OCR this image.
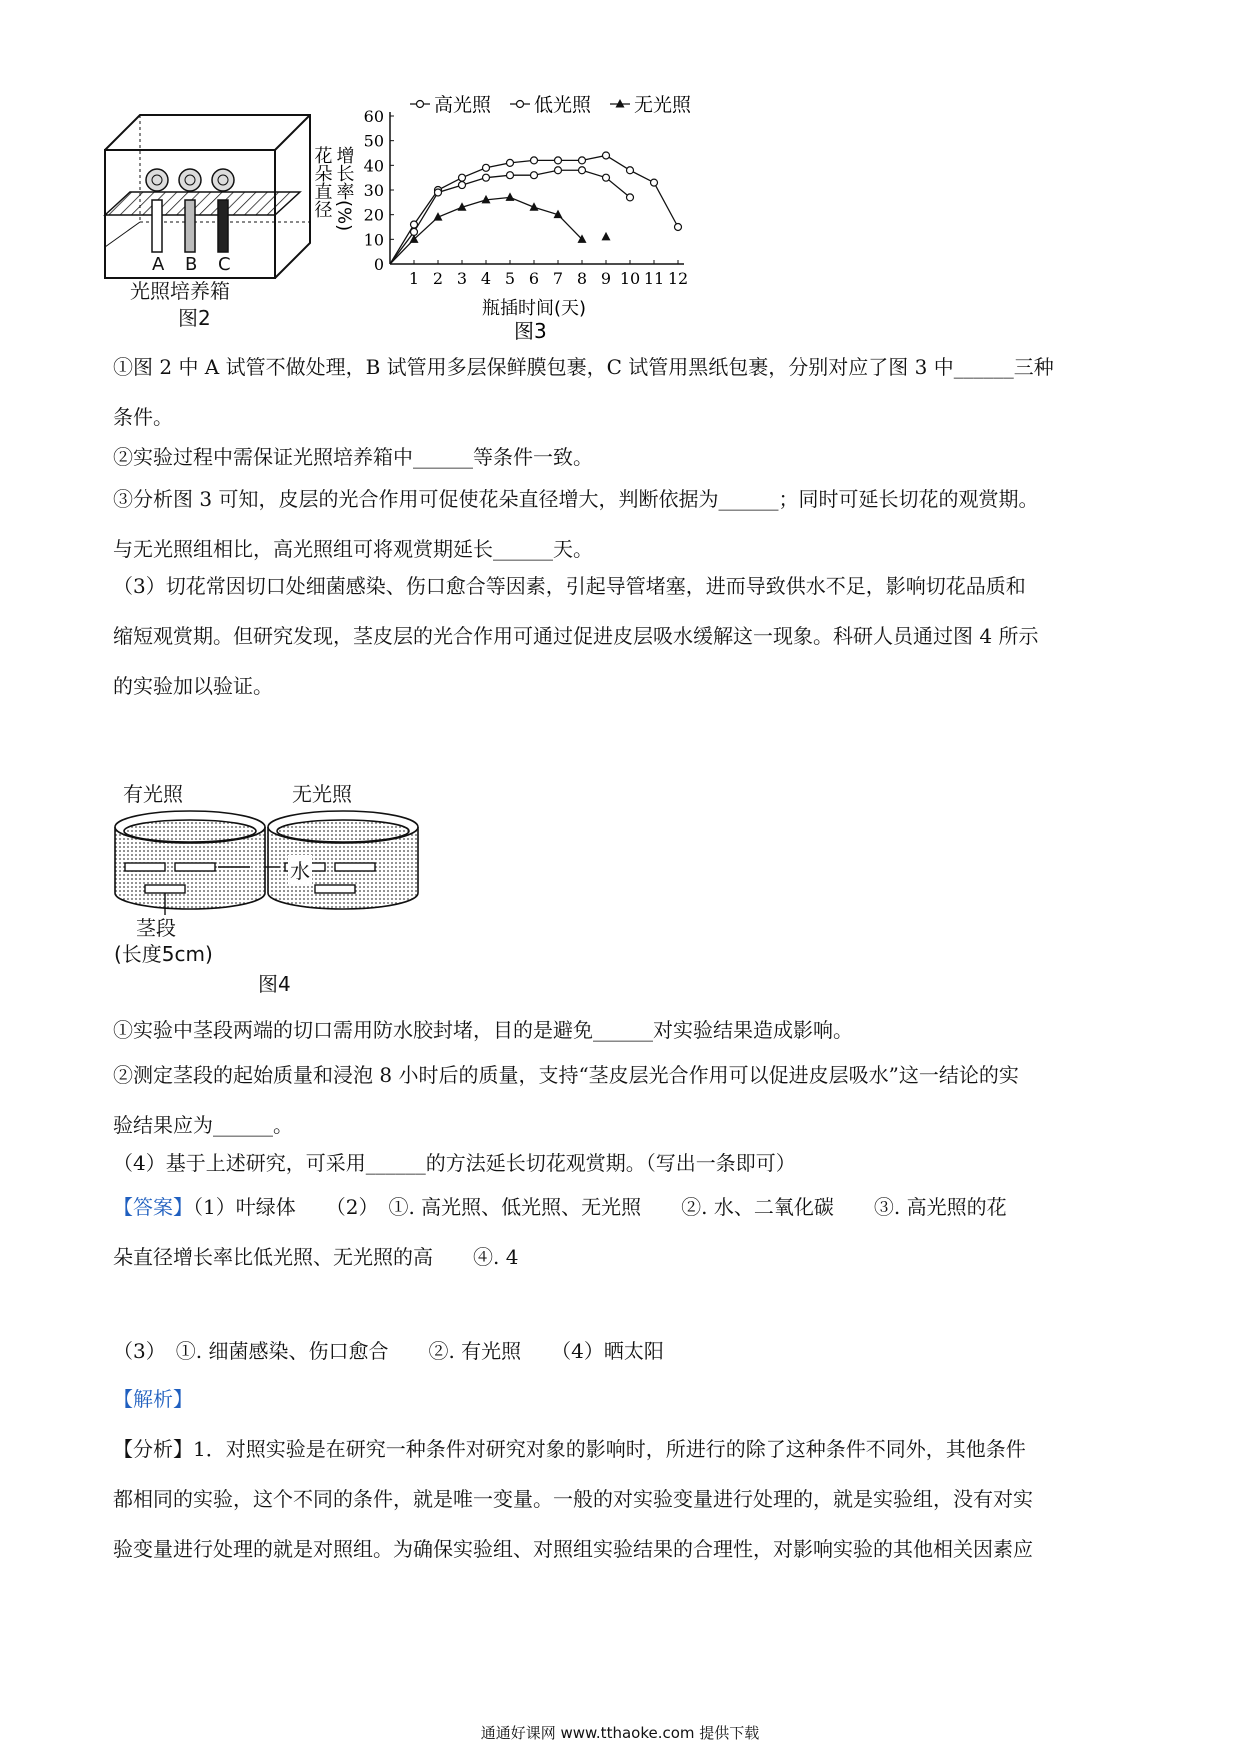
A B C
光照培养箱
图2
高光照 低光照 无光照
1 2 3 4 5 6 7 8 9 10 11 12
0
10
20
30
40
50
60
花朵直径 增长率(%)
瓶插时间(天)
图3
①图 2 中 A 试管不做处理，B 试管用多层保鲜膜包裹，C 试管用黑纸包裹，分别对应了图 3 中______三种
条件。
②实验过程中需保证光照培养箱中______等条件一致。
③分析图 3 可知，皮层的光合作用可促使花朵直径增大，判断依据为______；同时可延长切花的观赏期。
与无光照组相比，高光照组可将观赏期延长______天。
（3）切花常因切口处细菌感染、伤口愈合等因素，引起导管堵塞，进而导致供水不足，影响切花品质和
缩短观赏期。但研究发现，茎皮层的光合作用可通过促进皮层吸水缓解这一现象。科研人员通过图 4 所示
的实验加以验证。
有光照	无光照
水
茎段
(长度5cm)
图4
①实验中茎段两端的切口需用防水胶封堵，目的是避免______对实验结果造成影响。
②测定茎段的起始质量和浸泡 8 小时后的质量，支持“茎皮层光合作用可以促进皮层吸水”这一结论的实
验结果应为______。
（4）基于上述研究，可采用______的方法延长切花观赏期。（写出一条即可）
【答案】（1）叶绿体　　（2）　①. 高光照、低光照、无光照　　②. 水、二氧化碳　　③. 高光照的花
朵直径增长率比低光照、无光照的高　　④. 4
（3）　①. 细菌感染、伤口愈合　　②. 有光照　　（4）晒太阳
【解析】
【分析】1．对照实验是在研究一种条件对研究对象的影响时，所进行的除了这种条件不同外，其他条件
都相同的实验，这个不同的条件，就是唯一变量。一般的对实验变量进行处理的，就是实验组，没有对实
验变量进行处理的就是对照组。为确保实验组、对照组实验结果的合理性，对影响实验的其他相关因素应
通通好课网 www.tthaoke.com 提供下载
